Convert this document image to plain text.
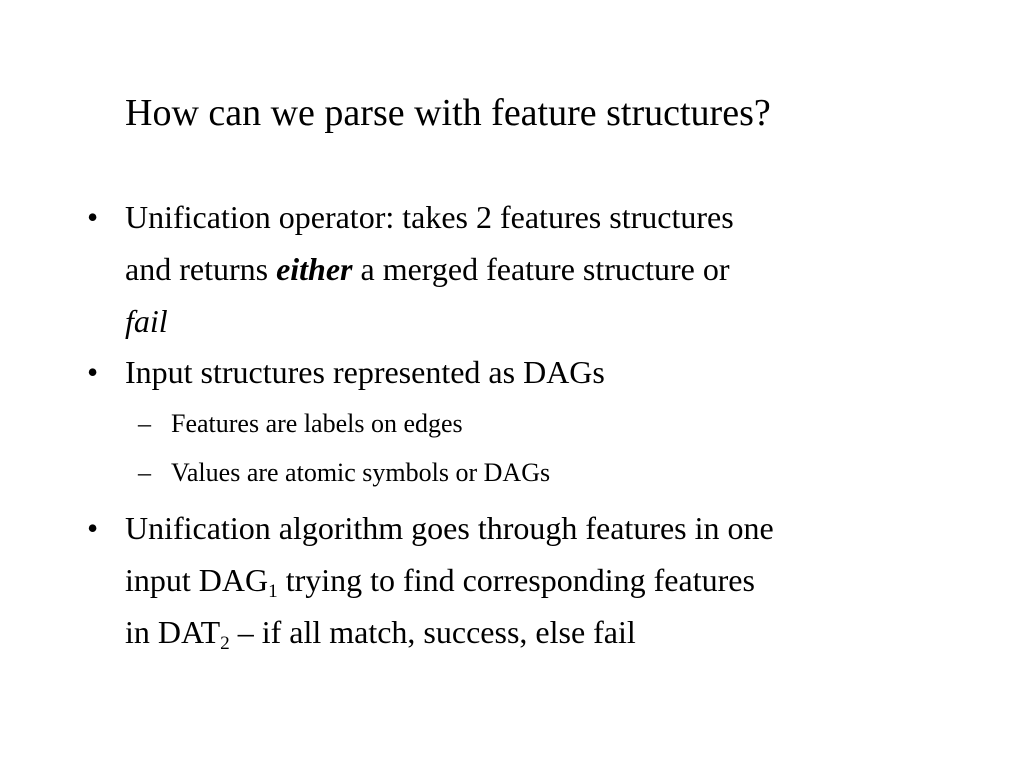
How can we parse with feature structures?
• Unification operator: takes 2 features structures
and returns either a merged feature structure or
fail
• Input structures represented as DAGs
– Features are labels on edges
– Values are atomic symbols or DAGs
• Unification algorithm goes through features in one
input $DAG_1$ trying to find corresponding features
in $DAT_2$ – if all match, success, else fail
